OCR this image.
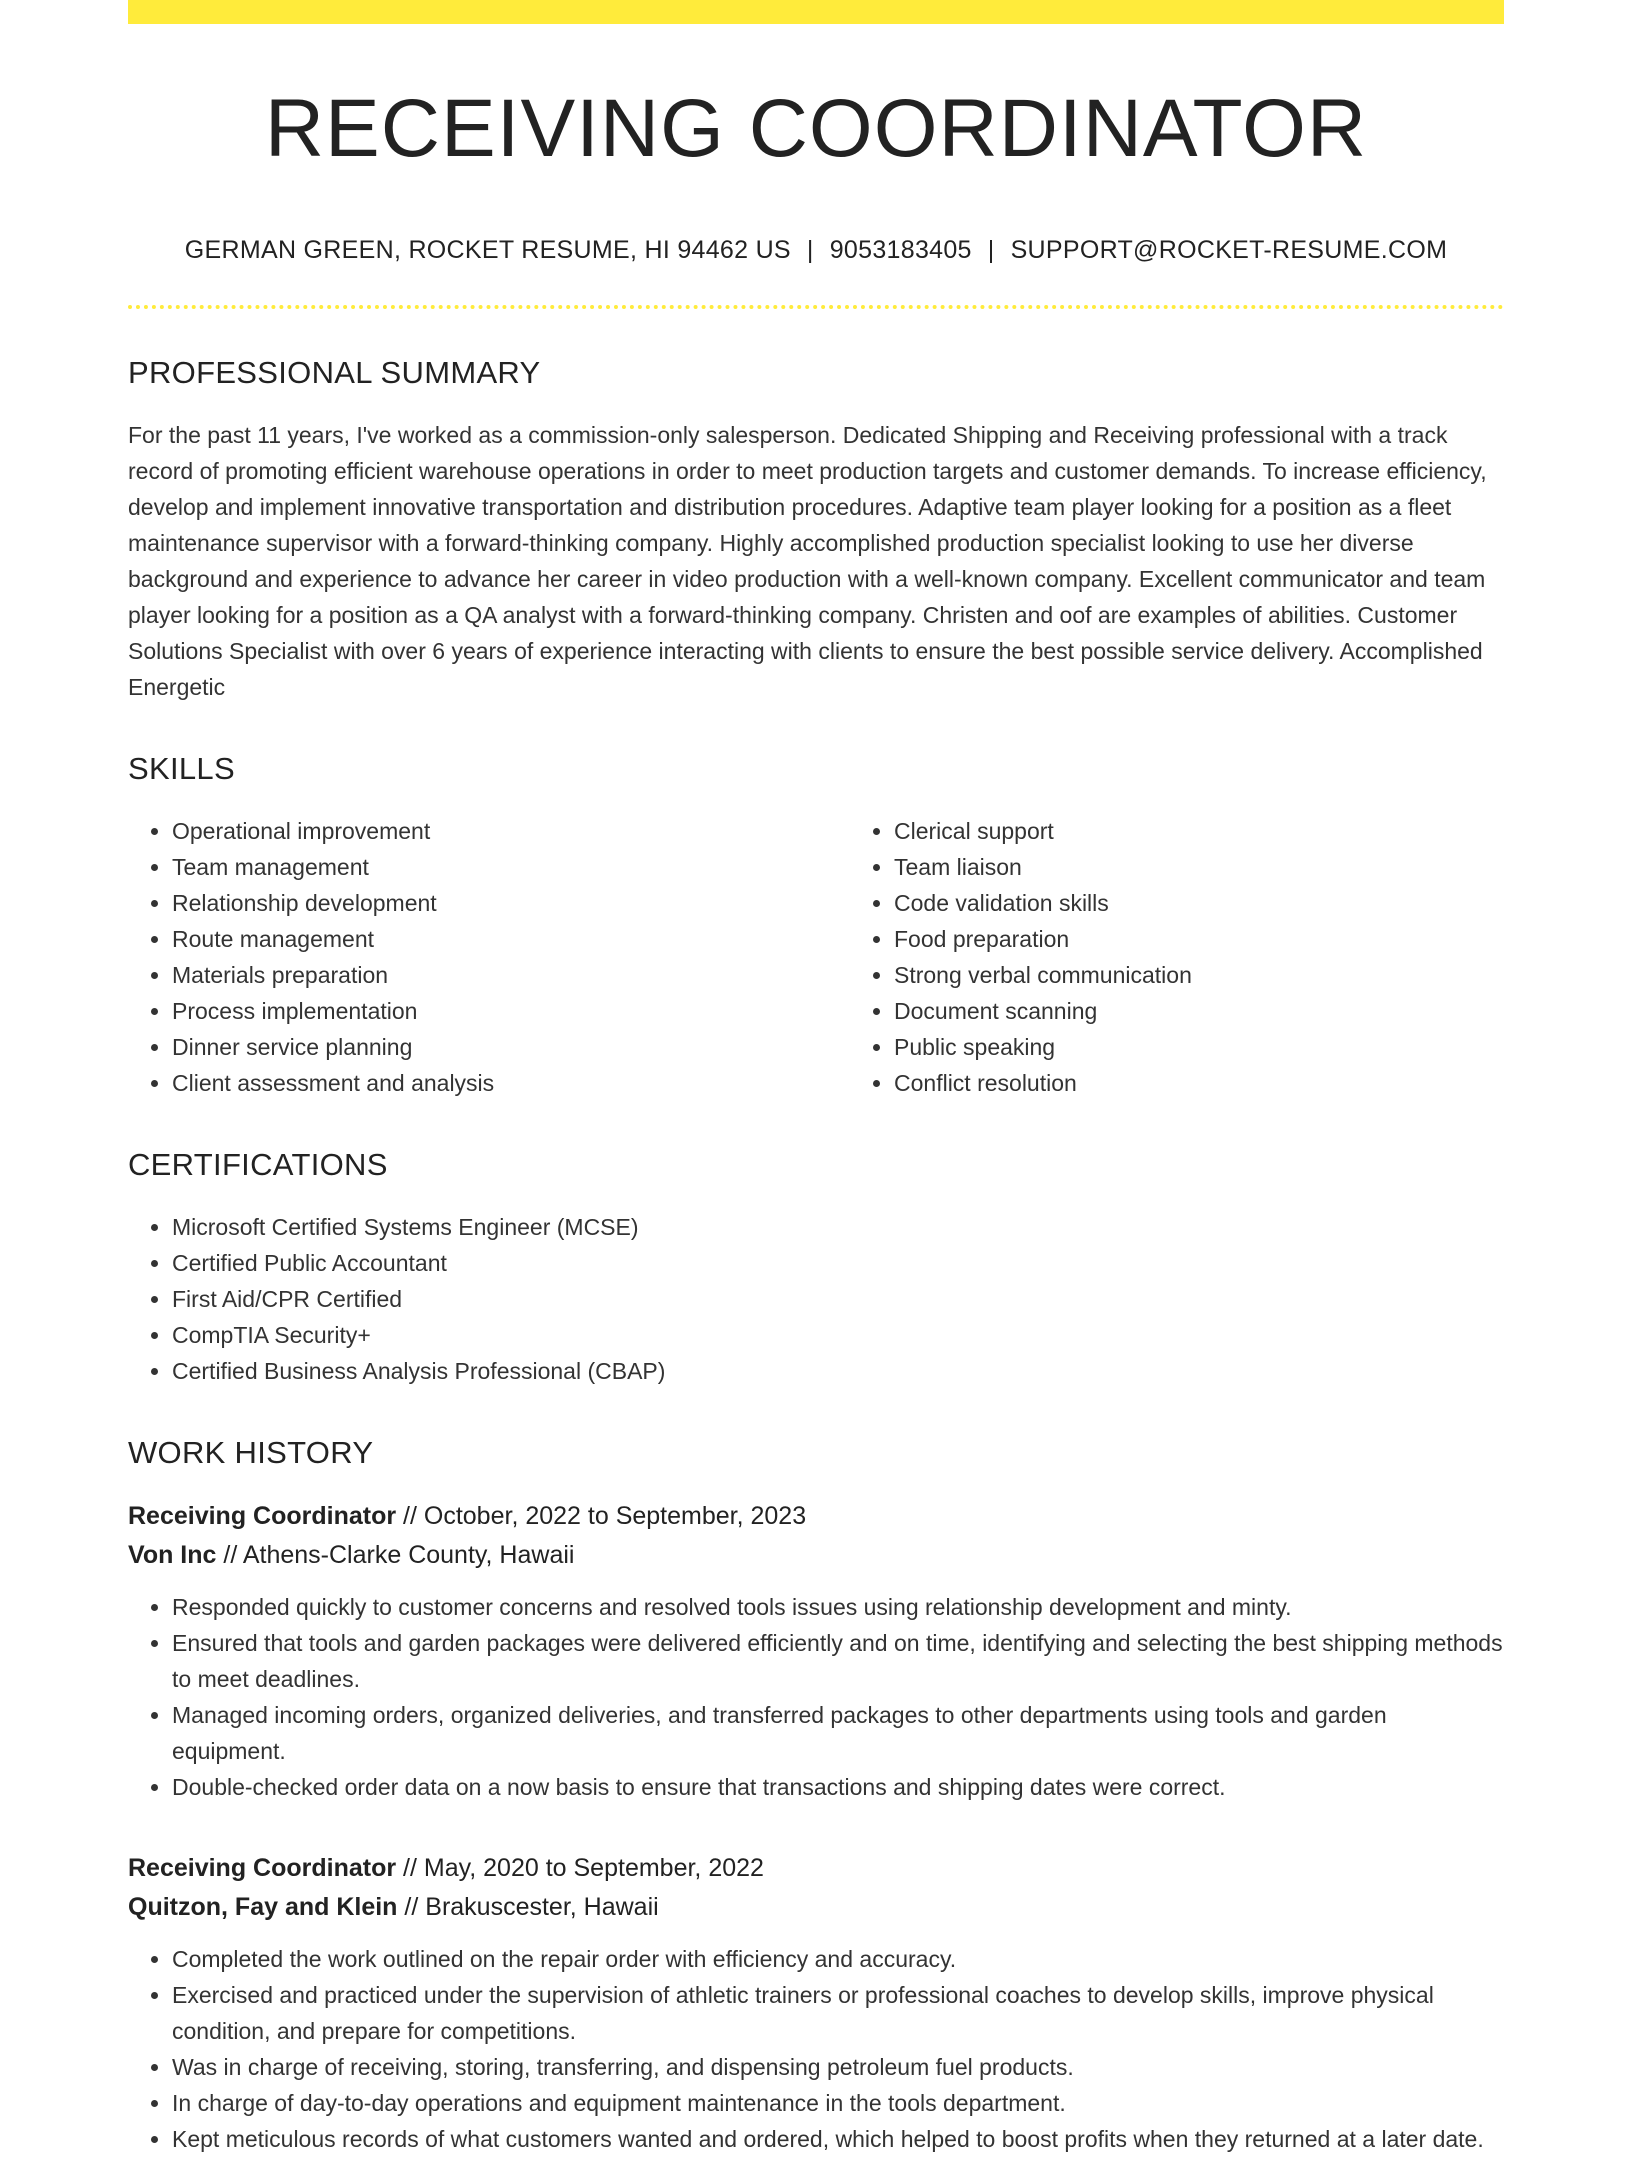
RECEIVING COORDINATOR
GERMAN GREEN, ROCKET RESUME, HI 94462 US | 9053183405 | SUPPORT@ROCKET-RESUME.COM
PROFESSIONAL SUMMARY

For the past 11 years, I've worked as a commission-only salesperson. Dedicated Shipping and Receiving professional with a track record of promoting efficient warehouse operations in order to meet production targets and customer demands. To increase efficiency, develop and implement innovative transportation and distribution procedures. Adaptive team player looking for a position as a fleet maintenance supervisor with a forward-thinking company. Highly accomplished production specialist looking to use her diverse background and experience to advance her career in video production with a well-known company. Excellent communicator and team player looking for a position as a QA analyst with a forward-thinking company. Christen and oof are examples of abilities. Customer Solutions Specialist with over 6 years of experience interacting with clients to ensure the best possible service delivery. Accomplished Energetic

SKILLS
• Operational improvement
• Team management
• Relationship development
• Route management
• Materials preparation
• Process implementation
• Dinner service planning
• Client assessment and analysis
• Clerical support
• Team liaison
• Code validation skills
• Food preparation
• Strong verbal communication
• Document scanning
• Public speaking
• Conflict resolution
CERTIFICATIONS
• Microsoft Certified Systems Engineer (MCSE)
• Certified Public Accountant
• First Aid/CPR Certified
• CompTIA Security+
• Certified Business Analysis Professional (CBAP)
WORK HISTORY
Receiving Coordinator // October, 2022 to September, 2023
Von Inc // Athens-Clarke County, Hawaii
• Responded quickly to customer concerns and resolved tools issues using relationship development and minty.
• Ensured that tools and garden packages were delivered efficiently and on time, identifying and selecting the best shipping methods to meet deadlines.
• Managed incoming orders, organized deliveries, and transferred packages to other departments using tools and garden equipment.
• Double-checked order data on a now basis to ensure that transactions and shipping dates were correct.
Receiving Coordinator // May, 2020 to September, 2022
Quitzon, Fay and Klein // Brakuscester, Hawaii
• Completed the work outlined on the repair order with efficiency and accuracy.
• Exercised and practiced under the supervision of athletic trainers or professional coaches to develop skills, improve physical condition, and prepare for competitions.
• Was in charge of receiving, storing, transferring, and dispensing petroleum fuel products.
• In charge of day-to-day operations and equipment maintenance in the tools department.
• Kept meticulous records of what customers wanted and ordered, which helped to boost profits when they returned at a later date.
